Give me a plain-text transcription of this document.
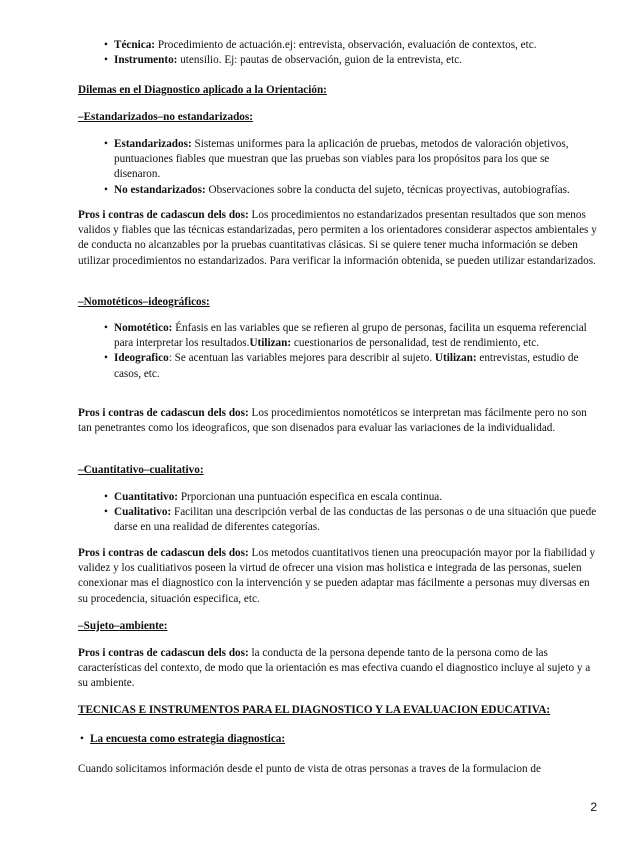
• Técnica: Procedimiento de actuación.ej: entrevista, observación, evaluación de contextos, etc.
• Instrumento: utensilio. Ej: pautas de observación, guion de la entrevista, etc.

Dilemas en el Diagnostico aplicado a la Orientación:

–Estandarizados–no estandarizados:

• Estandarizados: Sistemas uniformes para la aplicación de pruebas, metodos de valoración objetivos, puntuaciones fiables que muestran que las pruebas son viables para los propósitos para los que se disenaron.
• No estandarizados: Observaciones sobre la conducta del sujeto, técnicas proyectivas, autobiografías.

Pros i contras de cadascun dels dos: Los procedimientos no estandarizados presentan resultados que son menos validos y fiables que las técnicas estandarizadas, pero permiten a los orientadores considerar aspectos ambientales y de conducta no alcanzables por la pruebas cuantitativas clásicas. Si se quiere tener mucha información se deben utilizar procedimientos no estandarizados. Para verificar la información obtenida, se pueden utilizar estandarizados.

–Nomotéticos–ideográficos:

• Nomotético: Énfasis en las variables que se refieren al grupo de personas, facilita un esquema referencial para interpretar los resultados.Utilizan: cuestionarios de personalidad, test de rendimiento, etc.
• Ideografico: Se acentuan las variables mejores para describir al sujeto. Utilizan: entrevistas, estudio de casos, etc.

Pros i contras de cadascun dels dos: Los procedimientos nomotéticos se interpretan mas fácilmente pero no son tan penetrantes como los ideograficos, que son disenados para evaluar las variaciones de la individualidad.

–Cuantitativo–cualitativo:

• Cuantitativo: Prporcionan una puntuación especifica en escala continua.
• Cualitativo: Facilitan una descripción verbal de las conductas de las personas o de una situación que puede darse en una realidad de diferentes categorías.

Pros i contras de cadascun dels dos: Los metodos cuantitativos tienen una preocupación mayor por la fiabilidad y validez y los cualitiativos poseen la virtud de ofrecer una vision mas holistica e integrada de las personas, suelen conexionar mas el diagnostico con la intervención y se pueden adaptar mas fácilmente a personas muy diversas en su procedencia, situación especifica, etc.

–Sujeto–ambiente:

Pros i contras de cadascun dels dos: la conducta de la persona depende tanto de la persona como de las características del contexto, de modo que la orientación es mas efectiva cuando el diagnostico incluye al sujeto y a su ambiente.

TECNICAS E INSTRUMENTOS PARA EL DIAGNOSTICO Y LA EVALUACION EDUCATIVA:

• La encuesta como estrategia diagnostica:

Cuando solicitamos información desde el punto de vista de otras personas a traves de la formulacion de

2
